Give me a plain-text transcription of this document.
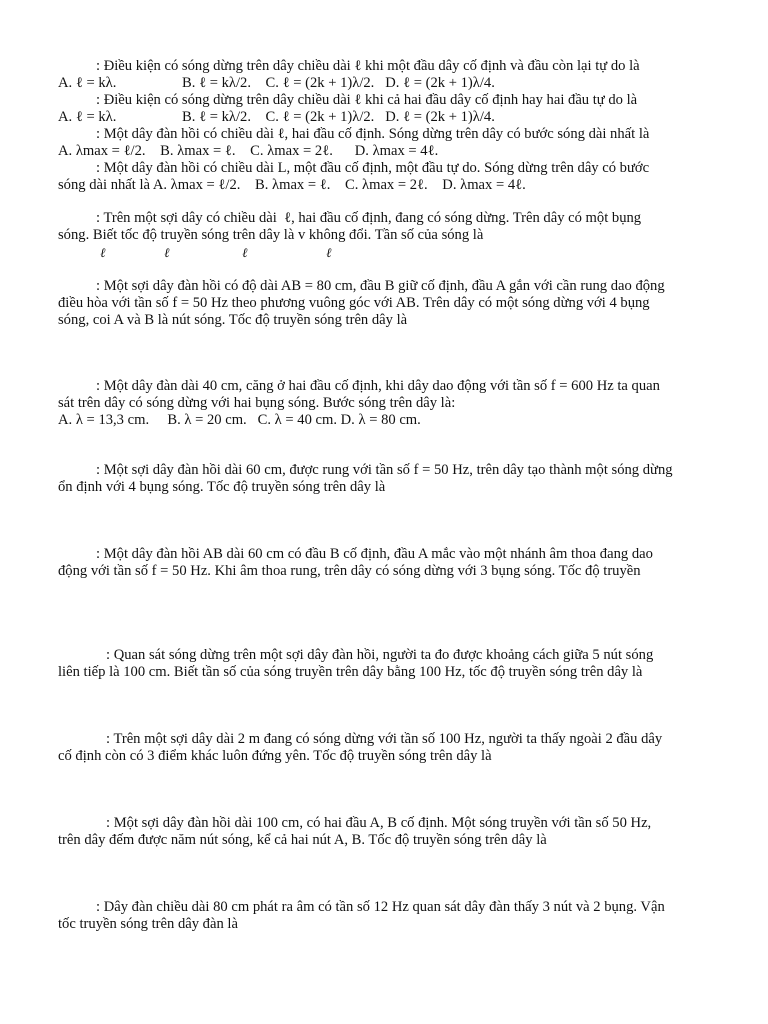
: Điều kiện có sóng dừng trên dây chiều dài ℓ khi một đầu dây cố định và đầu còn lại tự do là
A. ℓ = kλ.                  B. ℓ = kλ/2.    C. ℓ = (2k + 1)λ/2.   D. ℓ = (2k + 1)λ/4.
: Điều kiện có sóng dừng trên dây chiều dài ℓ khi cả hai đầu dây cố định hay hai đầu tự do là
A. ℓ = kλ.                  B. ℓ = kλ/2.    C. ℓ = (2k + 1)λ/2.   D. ℓ = (2k + 1)λ/4.
: Một dây đàn hồi có chiều dài ℓ, hai đầu cố định. Sóng dừng trên dây có bước sóng dài nhất là
A. λmax = ℓ/2.    B. λmax = ℓ.    C. λmax = 2ℓ.      D. λmax = 4ℓ.
: Một dây đàn hồi có chiều dài L, một đầu cố định, một đầu tự do. Sóng dừng trên dây có bước
sóng dài nhất là A. λmax = ℓ/2.    B. λmax = ℓ.    C. λmax = 2ℓ.    D. λmax = 4ℓ.
: Trên một sợi dây có chiều dài  ℓ, hai đầu cố định, đang có sóng dừng. Trên dây có một bụng
sóng. Biết tốc độ truyền sóng trên dây là v không đổi. Tần số của sóng là
ℓ	ℓ	ℓ	ℓ
: Một sợi dây đàn hồi có độ dài AB = 80 cm, đầu B giữ cố định, đầu A gắn với cần rung dao động
điều hòa với tần số f = 50 Hz theo phương vuông góc với AB. Trên dây có một sóng dừng với 4 bụng
sóng, coi A và B là nút sóng. Tốc độ truyền sóng trên dây là
: Một dây đàn dài 40 cm, căng ở hai đầu cố định, khi dây dao động với tần số f = 600 Hz ta quan
sát trên dây có sóng dừng với hai bụng sóng. Bước sóng trên dây là:
A. λ = 13,3 cm.     B. λ = 20 cm.   C. λ = 40 cm. D. λ = 80 cm.
: Một sợi dây đàn hồi dài 60 cm, được rung với tần số f = 50 Hz, trên dây tạo thành một sóng dừng
ổn định với 4 bụng sóng. Tốc độ truyền sóng trên dây là
: Một dây đàn hồi AB dài 60 cm có đầu B cố định, đầu A mắc vào một nhánh âm thoa đang dao
động với tần số f = 50 Hz. Khi âm thoa rung, trên dây có sóng dừng với 3 bụng sóng. Tốc độ truyền
: Quan sát sóng dừng trên một sợi dây đàn hồi, người ta đo được khoảng cách giữa 5 nút sóng
liên tiếp là 100 cm. Biết tần số của sóng truyền trên dây bằng 100 Hz, tốc độ truyền sóng trên dây là
: Trên một sợi dây dài 2 m đang có sóng dừng với tần số 100 Hz, người ta thấy ngoài 2 đầu dây
cố định còn có 3 điểm khác luôn đứng yên. Tốc độ truyền sóng trên dây là
: Một sợi dây đàn hồi dài 100 cm, có hai đầu A, B cố định. Một sóng truyền với tần số 50 Hz,
trên dây đếm được năm nút sóng, kể cả hai nút A, B. Tốc độ truyền sóng trên dây là
: Dây đàn chiều dài 80 cm phát ra âm có tần số 12 Hz quan sát dây đàn thấy 3 nút và 2 bụng. Vận
tốc truyền sóng trên dây đàn là
